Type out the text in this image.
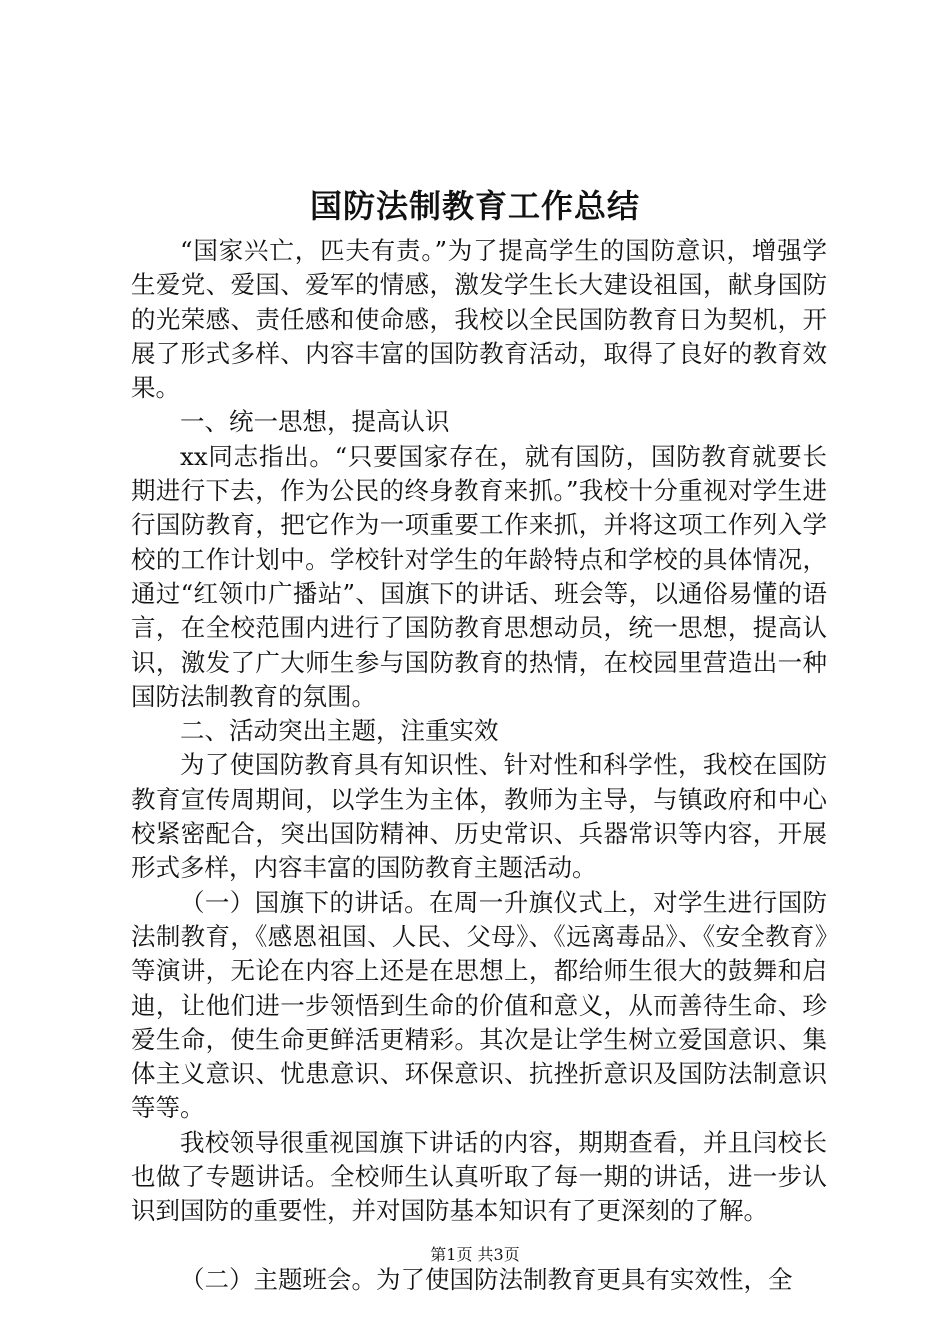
国防法制教育工作总结

“国家兴亡，匹夫有责。”为了提高学生的国防意识，增强学生爱党、爱国、爱军的情感，激发学生长大建设祖国，献身国防的光荣感、责任感和使命感，我校以全民国防教育日为契机，开展了形式多样、内容丰富的国防教育活动，取得了良好的教育效果。

一、统一思想，提高认识

xx同志指出。“只要国家存在，就有国防，国防教育就要长期进行下去，作为公民的终身教育来抓。”我校十分重视对学生进行国防教育，把它作为一项重要工作来抓，并将这项工作列入学校的工作计划中。学校针对学生的年龄特点和学校的具体情况，通过“红领巾广播站”、国旗下的讲话、班会等，以通俗易懂的语言，在全校范围内进行了国防教育思想动员，统一思想，提高认识，激发了广大师生参与国防教育的热情，在校园里营造出一种国防法制教育的氛围。

二、活动突出主题，注重实效

为了使国防教育具有知识性、针对性和科学性，我校在国防教育宣传周期间，以学生为主体，教师为主导，与镇政府和中心校紧密配合，突出国防精神、历史常识、兵器常识等内容，开展形式多样，内容丰富的国防教育主题活动。

（一）国旗下的讲话。在周一升旗仪式上，对学生进行国防法制教育，《感恩祖国、人民、父母》、《远离毒品》、《安全教育》等演讲，无论在内容上还是在思想上，都给师生很大的鼓舞和启迪，让他们进一步领悟到生命的价值和意义，从而善待生命、珍爱生命，使生命更鲜活更精彩。其次是让学生树立爱国意识、集体主义意识、忧患意识、环保意识、抗挫折意识及国防法制意识等等。

我校领导很重视国旗下讲话的内容，期期查看，并且闫校长也做了专题讲话。全校师生认真听取了每一期的讲话，进一步认识到国防的重要性，并对国防基本知识有了更深刻的了解。

（二）主题班会。为了使国防法制教育更具有实效性，全

第1页 共3页
